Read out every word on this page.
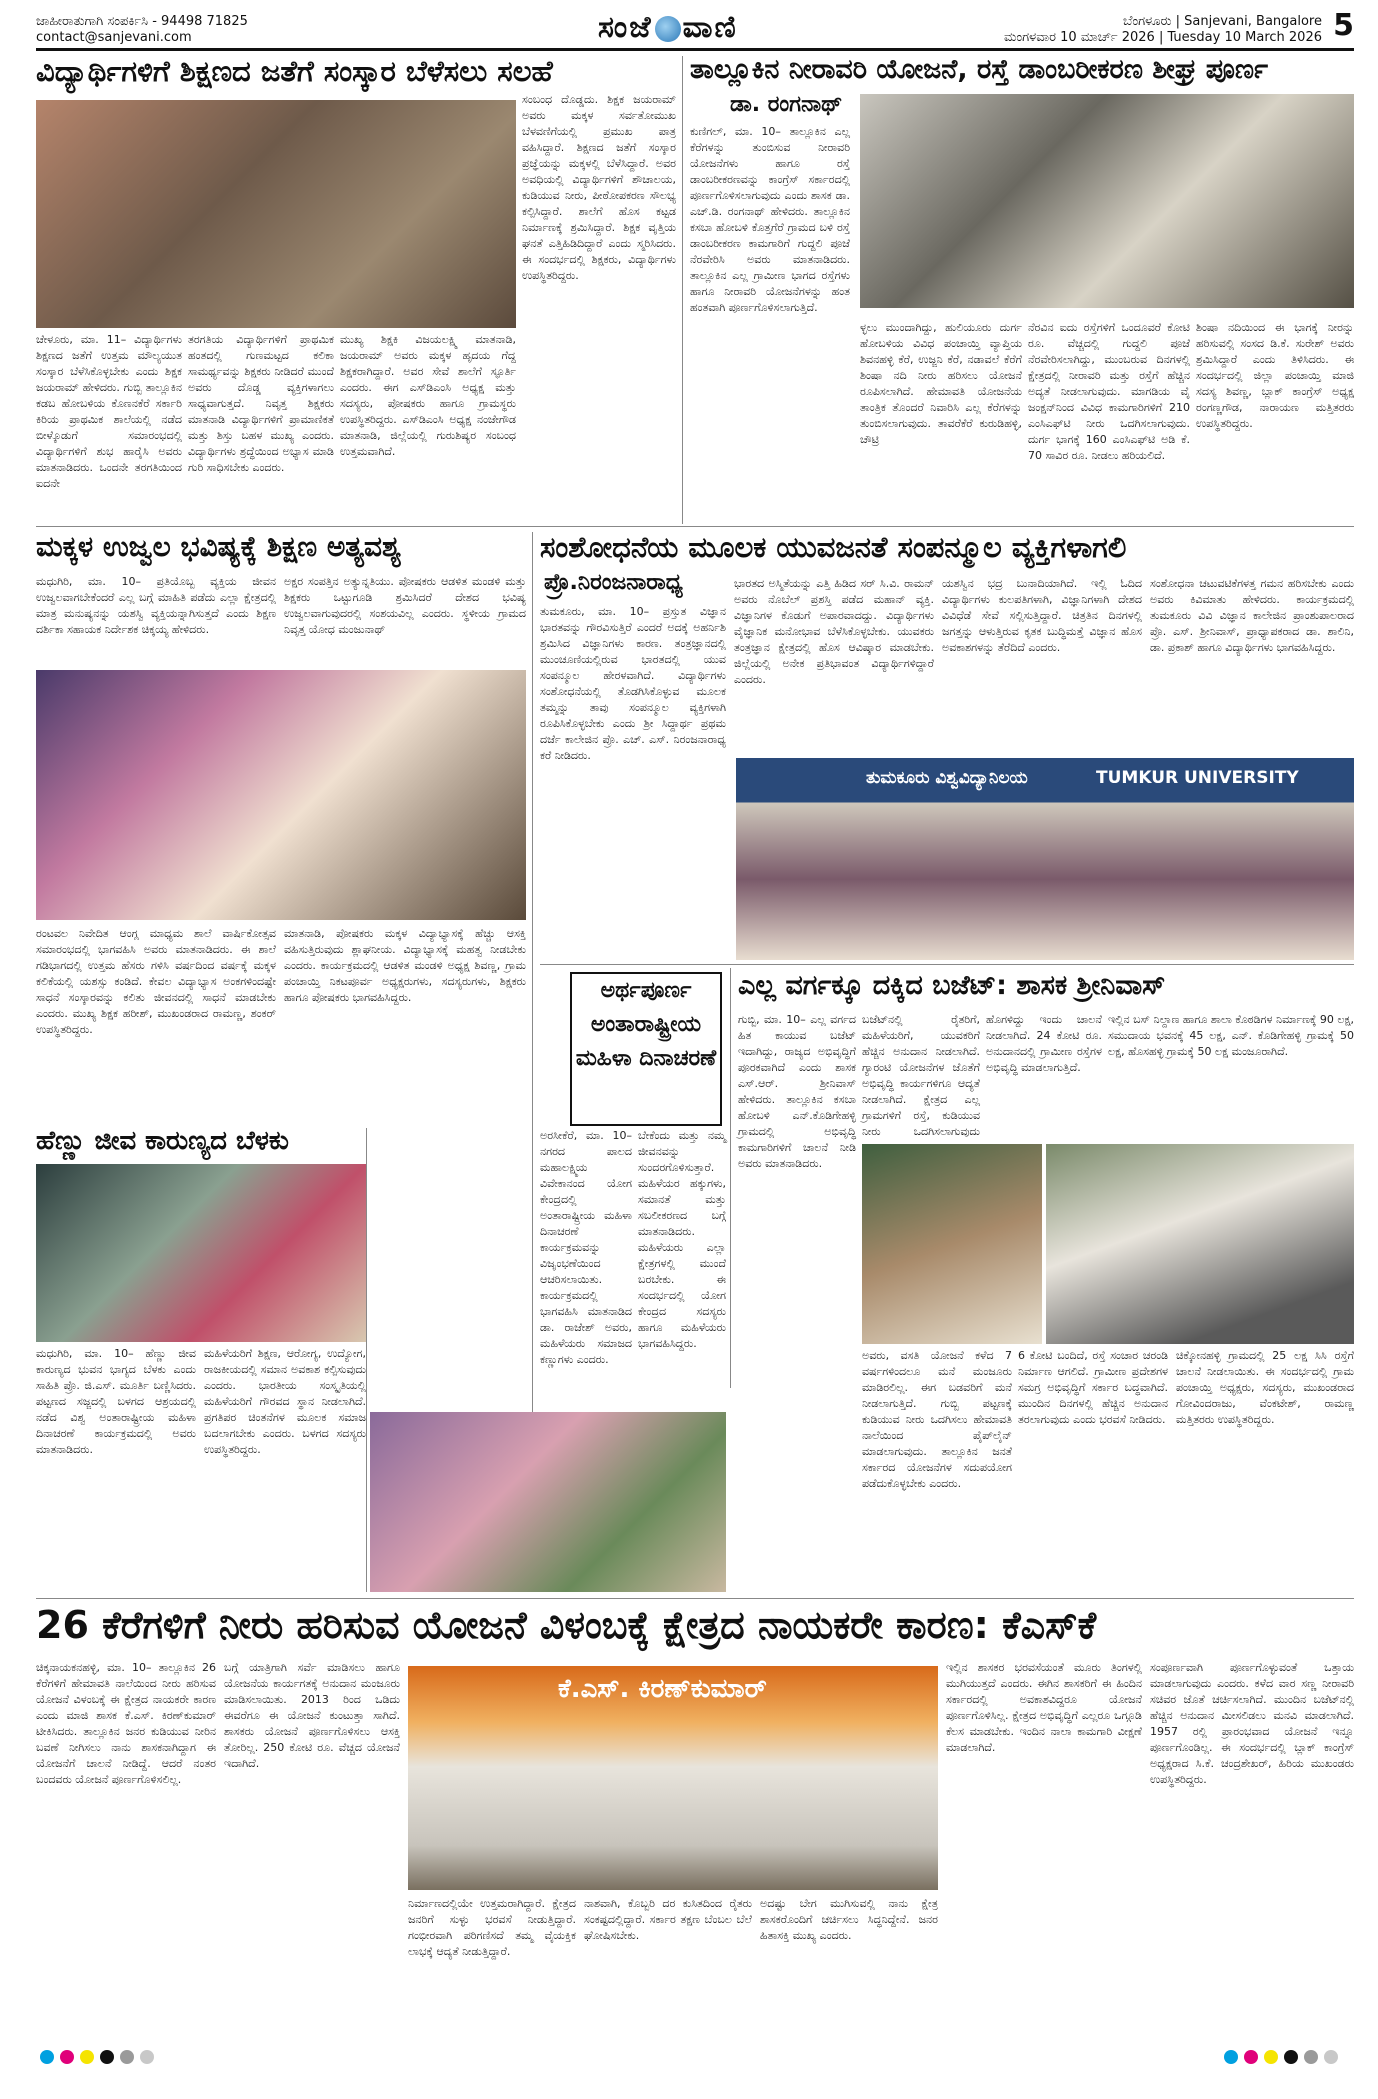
ಜಾಹೀರಾತುಗಾಗಿ ಸಂಪರ್ಕಿಸಿ - 94498 71825
contact@sanjevani.com	ಸಂಜೆ ವಾಣಿ	ಬೆಂಗಳೂರು | Sanjevani, Bangalore
ಮಂಗಳವಾರ 10 ಮಾರ್ಚ್ 2026 | Tuesday 10 March 2026 5
ವಿದ್ಯಾರ್ಥಿಗಳಿಗೆ ಶಿಕ್ಷಣದ ಜತೆಗೆ ಸಂಸ್ಕಾರ ಬೆಳೆಸಲು ಸಲಹೆ
ಸಂಬಂಧ ದೊಡ್ಡದು. ಶಿಕ್ಷಕ ಜಯರಾಮ್ ಅವರು ಮಕ್ಕಳ ಸರ್ವತೋಮುಖ ಬೆಳವಣಿಗೆಯಲ್ಲಿ ಪ್ರಮುಖ ಪಾತ್ರ ವಹಿಸಿದ್ದಾರೆ. ಶಿಕ್ಷಣದ ಜತೆಗೆ ಸಂಸ್ಕಾರ ಪ್ರಜ್ಞೆಯನ್ನು ಮಕ್ಕಳಲ್ಲಿ ಬೆಳೆಸಿದ್ದಾರೆ. ಅವರ ಅವಧಿಯಲ್ಲಿ ವಿದ್ಯಾರ್ಥಿಗಳಿಗೆ ಶೌಚಾಲಯ, ಕುಡಿಯುವ ನೀರು, ಪೀಠೋಪಕರಣ ಸೌಲಭ್ಯ ಕಲ್ಪಿಸಿದ್ದಾರೆ. ಶಾಲೆಗೆ ಹೊಸ ಕಟ್ಟಡ ನಿರ್ಮಾಣಕ್ಕೆ ಶ್ರಮಿಸಿದ್ದಾರೆ. ಶಿಕ್ಷಕ ವೃತ್ತಿಯ ಘನತೆ ಎತ್ತಿಹಿಡಿದಿದ್ದಾರೆ ಎಂದು ಸ್ಮರಿಸಿದರು. ಈ ಸಂದರ್ಭದಲ್ಲಿ ಶಿಕ್ಷಕರು, ವಿದ್ಯಾರ್ಥಿಗಳು ಉಪಸ್ಥಿತರಿದ್ದರು.
ಚೇಳೂರು, ಮಾ. 11– ವಿದ್ಯಾರ್ಥಿಗಳು ಶಿಕ್ಷಣದ ಜತೆಗೆ ಉತ್ತಮ ಮೌಲ್ಯಯುತ ಸಂಸ್ಕಾರ ಬೆಳೆಸಿಕೊಳ್ಳಬೇಕು ಎಂದು ಶಿಕ್ಷಕ ಜಯರಾಮ್ ಹೇಳಿದರು. ಗುಬ್ಬಿ ತಾಲ್ಲೂಕಿನ ಕಡಬ ಹೋಬಳಿಯ ಕೊಣನಕೆರೆ ಸರ್ಕಾರಿ ಕಿರಿಯ ಪ್ರಾಥಮಿಕ ಶಾಲೆಯಲ್ಲಿ ನಡೆದ ಬೀಳ್ಕೊಡುಗೆ ಸಮಾರಂಭದಲ್ಲಿ ವಿದ್ಯಾರ್ಥಿಗಳಿಗೆ ಶುಭ ಹಾರೈಸಿ ಅವರು ಮಾತನಾಡಿದರು. ಒಂದನೇ ತರಗತಿಯಿಂದ ಐದನೇ
ತರಗತಿಯ ವಿದ್ಯಾರ್ಥಿಗಳಿಗೆ ಪ್ರಾಥಮಿಕ ಹಂತದಲ್ಲಿ ಗುಣಮಟ್ಟದ ಕಲಿಕಾ ಸಾಮರ್ಥ್ಯವನ್ನು ಶಿಕ್ಷಕರು ನೀಡಿದರೆ ಮುಂದೆ ಅವರು ದೊಡ್ಡ ವ್ಯಕ್ತಿಗಳಾಗಲು ಸಾಧ್ಯವಾಗುತ್ತದೆ. ನಿವೃತ್ತ ಶಿಕ್ಷಕರು ಮಾತನಾಡಿ ವಿದ್ಯಾರ್ಥಿಗಳಿಗೆ ಪ್ರಾಮಾಣಿಕತೆ ಮತ್ತು ಶಿಸ್ತು ಬಹಳ ಮುಖ್ಯ ಎಂದರು. ವಿದ್ಯಾರ್ಥಿಗಳು ಶ್ರದ್ಧೆಯಿಂದ ಅಭ್ಯಾಸ ಮಾಡಿ ಗುರಿ ಸಾಧಿಸಬೇಕು ಎಂದರು.
ಮುಖ್ಯ ಶಿಕ್ಷಕಿ ವಿಜಯಲಕ್ಷ್ಮಿ ಮಾತನಾಡಿ, ಜಯರಾಮ್ ಅವರು ಮಕ್ಕಳ ಹೃದಯ ಗೆದ್ದ ಶಿಕ್ಷಕರಾಗಿದ್ದಾರೆ. ಅವರ ಸೇವೆ ಶಾಲೆಗೆ ಸ್ಫೂರ್ತಿ ಎಂದರು. ಈಗ ಎಸ್‌ಡಿಎಂಸಿ ಅಧ್ಯಕ್ಷ ಮತ್ತು ಸದಸ್ಯರು, ಪೋಷಕರು ಹಾಗೂ ಗ್ರಾಮಸ್ಥರು ಉಪಸ್ಥಿತರಿದ್ದರು. ಎಸ್‌ಡಿಎಂಸಿ ಅಧ್ಯಕ್ಷ ನಂಜೇಗೌಡ ಮಾತನಾಡಿ, ಜಿಲ್ಲೆಯಲ್ಲಿ ಗುರುಶಿಷ್ಯರ ಸಂಬಂಧ ಉತ್ತಮವಾಗಿದೆ.
ತಾಲ್ಲೂಕಿನ ನೀರಾವರಿ ಯೋಜನೆ, ರಸ್ತೆ ಡಾಂಬರೀಕರಣ ಶೀಘ್ರ ಪೂರ್ಣ
ಡಾ. ರಂಗನಾಥ್
ಕುಣಿಗಲ್, ಮಾ. 10– ತಾಲ್ಲೂಕಿನ ಎಲ್ಲ ಕೆರೆಗಳನ್ನು ತುಂಬಿಸುವ ನೀರಾವರಿ ಯೋಜನೆಗಳು ಹಾಗೂ ರಸ್ತೆ ಡಾಂಬರೀಕರಣವನ್ನು ಕಾಂಗ್ರೆಸ್ ಸರ್ಕಾರದಲ್ಲಿ ಪೂರ್ಣಗೊಳಿಸಲಾಗುವುದು ಎಂದು ಶಾಸಕ ಡಾ. ಎಚ್.ಡಿ. ರಂಗನಾಥ್ ಹೇಳಿದರು. ತಾಲ್ಲೂಕಿನ ಕಸಬಾ ಹೋಬಳಿ ಕೊತ್ತಗೆರೆ ಗ್ರಾಮದ ಬಳಿ ರಸ್ತೆ ಡಾಂಬರೀಕರಣ ಕಾಮಗಾರಿಗೆ ಗುದ್ದಲಿ ಪೂಜೆ ನೆರವೇರಿಸಿ ಅವರು ಮಾತನಾಡಿದರು. ತಾಲ್ಲೂಕಿನ ಎಲ್ಲ ಗ್ರಾಮೀಣ ಭಾಗದ ರಸ್ತೆಗಳು ಹಾಗೂ ನೀರಾವರಿ ಯೋಜನೆಗಳನ್ನು ಹಂತ ಹಂತವಾಗಿ ಪೂರ್ಣಗೊಳಿಸಲಾಗುತ್ತಿದೆ.
ಳ್ಳಲು ಮುಂದಾಗಿದ್ದು, ಹುಲಿಯೂರು ದುರ್ಗ ಹೋಬಳಿಯ ವಿವಿಧ ಪಂಚಾಯ್ತಿ ವ್ಯಾಪ್ತಿಯ ಶಿವನಹಳ್ಳಿ ಕೆರೆ, ಉಜ್ಜನಿ ಕೆರೆ, ನಡಾವಲೆ ಕೆರೆಗೆ ಶಿಂಷಾ ನದಿ ನೀರು ಹರಿಸಲು ಯೋಜನೆ ರೂಪಿಸಲಾಗಿದೆ. ಹೇಮಾವತಿ ಯೋಜನೆಯ ತಾಂತ್ರಿಕ ತೊಂದರೆ ನಿವಾರಿಸಿ ಎಲ್ಲ ಕೆರೆಗಳನ್ನು ತುಂಬಿಸಲಾಗುವುದು. ತಾವರೆಕೆರೆ ಕುರುಡಿಹಳ್ಳಿ, ಚೌಟ್ರಿ
ನೆರವಿನ ಐದು ರಸ್ತೆಗಳಿಗೆ ಒಂದೂವರೆ ಕೋಟಿ ರೂ. ವೆಚ್ಚದಲ್ಲಿ ಗುದ್ದಲಿ ಪೂಜೆ ನೆರವೇರಿಸಲಾಗಿದ್ದು, ಮುಂಬರುವ ದಿನಗಳಲ್ಲಿ ಕ್ಷೇತ್ರದಲ್ಲಿ ನೀರಾವರಿ ಮತ್ತು ರಸ್ತೆಗೆ ಹೆಚ್ಚಿನ ಅದ್ಯತೆ ನೀಡಲಾಗುವುದು. ಮಾಗಡಿಯ ವೈ ಜಂಕ್ಷನ್‌ನಿಂದ ವಿವಿಧ ಕಾಮಗಾರಿಗಳಿಗೆ 210 ಎಂಸಿಎಫ್‌ಟಿ ನೀರು ಒದಗಿಸಲಾಗುವುದು. ದುರ್ಗ ಭಾಗಕ್ಕೆ 160 ಎಂಸಿಎಫ್‌ಟಿ ಅಡಿ ಕೆ. 70 ಸಾವಿರ ರೂ. ನೀಡಲು ಹರಿಯಲಿದೆ.
ಶಿಂಷಾ ನದಿಯಿಂದ ಈ ಭಾಗಕ್ಕೆ ನೀರನ್ನು ಹರಿಸುವಲ್ಲಿ ಸಂಸದ ಡಿ.ಕೆ. ಸುರೇಶ್ ಅವರು ಶ್ರಮಿಸಿದ್ದಾರೆ ಎಂದು ತಿಳಿಸಿದರು. ಈ ಸಂದರ್ಭದಲ್ಲಿ ಜಿಲ್ಲಾ ಪಂಚಾಯ್ತಿ ಮಾಜಿ ಸದಸ್ಯ ಶಿವಣ್ಣ, ಬ್ಲಾಕ್ ಕಾಂಗ್ರೆಸ್ ಅಧ್ಯಕ್ಷ ರಂಗಣ್ಣಗೌಡ, ನಾರಾಯಣ ಮತ್ತಿತರರು ಉಪಸ್ಥಿತರಿದ್ದರು.
ಮಕ್ಕಳ ಉಜ್ವಲ ಭವಿಷ್ಯಕ್ಕೆ ಶಿಕ್ಷಣ ಅತ್ಯವಶ್ಯ
ಮಧುಗಿರಿ, ಮಾ. 10– ಪ್ರತಿಯೊಬ್ಬ ವ್ಯಕ್ತಿಯ ಜೀವನ ಉಜ್ವಲವಾಗಬೇಕೆಂದರೆ ಎಲ್ಲ ಬಗ್ಗೆ ಮಾಹಿತಿ ಪಡೆದು ಎಲ್ಲಾ ಕ್ಷೇತ್ರದಲ್ಲಿ ಮಾತ್ರ ಮನುಷ್ಯನನ್ನು ಯಶಸ್ವಿ ವ್ಯಕ್ತಿಯನ್ನಾಗಿಸುತ್ತದೆ ಎಂದು ಶಿಕ್ಷಣ ದರ್ಶಿಕಾ ಸಹಾಯಕ ನಿರ್ದೇಶಕ ಚಿಕ್ಕಯ್ಯ ಹೇಳಿದರು.
ಅಕ್ಷರ ಸಂಪತ್ತಿನ ಅತ್ಯುನ್ನತಿಯು. ಪೋಷಕರು ಆಡಳಿತ ಮಂಡಳಿ ಮತ್ತು ಶಿಕ್ಷಕರು ಒಟ್ಟುಗೂಡಿ ಶ್ರಮಿಸಿದರೆ ದೇಶದ ಭವಿಷ್ಯ ಉಜ್ವಲವಾಗುವುದರಲ್ಲಿ ಸಂಶಯವಿಲ್ಲ ಎಂದರು. ಸ್ಥಳೀಯ ಗ್ರಾಮದ ನಿವೃತ್ತ ಯೋಧ ಮಂಜುನಾಥ್
ರಂಟವಲ ನಿವೇದಿತ ಆಂಗ್ಲ ಮಾಧ್ಯಮ ಶಾಲೆ ವಾರ್ಷಿಕೋತ್ಸವ ಸಮಾರಂಭದಲ್ಲಿ ಭಾಗವಹಿಸಿ ಅವರು ಮಾತನಾಡಿದರು. ಈ ಶಾಲೆ ಗಡಿಭಾಗದಲ್ಲಿ ಉತ್ತಮ ಹೆಸರು ಗಳಿಸಿ ವರ್ಷದಿಂದ ವರ್ಷಕ್ಕೆ ಮಕ್ಕಳ ಕಲಿಕೆಯಲ್ಲಿ ಯಶಸ್ಸು ಕಂಡಿದೆ. ಕೇವಲ ವಿದ್ಯಾಭ್ಯಾಸ ಅಂಕಗಳಿಂದಷ್ಟೇ ಸಾಧನೆ ಸಂಸ್ಕಾರವನ್ನು ಕಲಿತು ಜೀವನದಲ್ಲಿ ಸಾಧನೆ ಮಾಡಬೇಕು ಎಂದರು. ಮುಖ್ಯ ಶಿಕ್ಷಕ ಹರೀಶ್, ಮುಖಂಡರಾದ ರಾಮಣ್ಣ, ಶಂಕರ್ ಉಪಸ್ಥಿತರಿದ್ದರು.
ಮಾತನಾಡಿ, ಪೋಷಕರು ಮಕ್ಕಳ ವಿದ್ಯಾಭ್ಯಾಸಕ್ಕೆ ಹೆಚ್ಚು ಆಸಕ್ತಿ ವಹಿಸುತ್ತಿರುವುದು ಶ್ಲಾಘನೀಯ. ವಿದ್ಯಾಭ್ಯಾಸಕ್ಕೆ ಮಹತ್ವ ನೀಡಬೇಕು ಎಂದರು. ಕಾರ್ಯಕ್ರಮದಲ್ಲಿ ಆಡಳಿತ ಮಂಡಳಿ ಅಧ್ಯಕ್ಷ ಶಿವಣ್ಣ, ಗ್ರಾಮ ಪಂಚಾಯ್ತಿ ನಿಕಟಪೂರ್ವ ಅಧ್ಯಕ್ಷರುಗಳು, ಸದಸ್ಯರುಗಳು, ಶಿಕ್ಷಕರು ಹಾಗೂ ಪೋಷಕರು ಭಾಗವಹಿಸಿದ್ದರು.
ಸಂಶೋಧನೆಯ ಮೂಲಕ ಯುವಜನತೆ ಸಂಪನ್ಮೂಲ ವ್ಯಕ್ತಿಗಳಾಗಲಿ
ಪ್ರೊ.ನಿರಂಜನಾರಾಧ್ಯ
ತುಮಕೂರು, ಮಾ. 10– ಪ್ರಸ್ತುತ ವಿಜ್ಞಾನ ಭಾರತವನ್ನು ಗೌರವಿಸುತ್ತಿರೆ ಎಂದರೆ ಅದಕ್ಕೆ ಅಹರ್ನಿಶಿ ಶ್ರಮಿಸಿದ ವಿಜ್ಞಾನಿಗಳು ಕಾರಣ. ತಂತ್ರಜ್ಞಾನದಲ್ಲಿ ಮುಂಚೂಣಿಯಲ್ಲಿರುವ ಭಾರತದಲ್ಲಿ ಯುವ ಸಂಪನ್ಮೂಲ ಹೇರಳವಾಗಿದೆ. ವಿದ್ಯಾರ್ಥಿಗಳು ಸಂಶೋಧನೆಯಲ್ಲಿ ತೊಡಗಿಸಿಕೊಳ್ಳುವ ಮೂಲಕ ತಮ್ಮನ್ನು ತಾವು ಸಂಪನ್ಮೂಲ ವ್ಯಕ್ತಿಗಳಾಗಿ ರೂಪಿಸಿಕೊಳ್ಳಬೇಕು ಎಂದು ಶ್ರೀ ಸಿದ್ದಾರ್ಥ ಪ್ರಥಮ ದರ್ಜೆ ಕಾಲೇಜಿನ ಪ್ರೊ. ಎಚ್. ಎಸ್. ನಿರಂಜನಾರಾಧ್ಯ ಕರೆ ನೀಡಿದರು.
ಭಾರತದ ಅಸ್ಮಿತೆಯನ್ನು ಎತ್ತಿ ಹಿಡಿದ ಸರ್ ಸಿ.ವಿ. ರಾಮನ್ ಅವರು ನೊಬೆಲ್ ಪ್ರಶಸ್ತಿ ಪಡೆದ ಮಹಾನ್ ವ್ಯಕ್ತಿ. ವಿಜ್ಞಾನಿಗಳ ಕೊಡುಗೆ ಅಪಾರವಾದದ್ದು. ವಿದ್ಯಾರ್ಥಿಗಳು ವೈಜ್ಞಾನಿಕ ಮನೋಭಾವ ಬೆಳೆಸಿಕೊಳ್ಳಬೇಕು. ಯುವಕರು ತಂತ್ರಜ್ಞಾನ ಕ್ಷೇತ್ರದಲ್ಲಿ ಹೊಸ ಆವಿಷ್ಕಾರ ಮಾಡಬೇಕು. ಜಿಲ್ಲೆಯಲ್ಲಿ ಅನೇಕ ಪ್ರತಿಭಾವಂತ ವಿದ್ಯಾರ್ಥಿಗಳಿದ್ದಾರೆ ಎಂದರು.
ಯಶಸ್ವಿನ ಭದ್ರ ಬುನಾದಿಯಾಗಿದೆ. ಇಲ್ಲಿ ಓದಿದ ವಿದ್ಯಾರ್ಥಿಗಳು ಕುಲಪತಿಗಳಾಗಿ, ವಿಜ್ಞಾನಿಗಳಾಗಿ ದೇಶದ ವಿವಿಧೆಡೆ ಸೇವೆ ಸಲ್ಲಿಸುತ್ತಿದ್ದಾರೆ. ಚಿತ್ರತಿನ ದಿನಗಳಲ್ಲಿ ಜಗತ್ತನ್ನು ಆಳುತ್ತಿರುವ ಕೃತಕ ಬುದ್ಧಿಮತ್ತೆ ವಿಜ್ಞಾನ ಹೊಸ ಅವಕಾಶಗಳನ್ನು ತೆರೆದಿದೆ ಎಂದರು.
ಸಂಶೋಧನಾ ಚಟುವಟಿಕೆಗಳತ್ತ ಗಮನ ಹರಿಸಬೇಕು ಎಂದು ಅವರು ಕಿವಿಮಾತು ಹೇಳಿದರು. ಕಾರ್ಯಕ್ರಮದಲ್ಲಿ ತುಮಕೂರು ವಿವಿ ವಿಜ್ಞಾನ ಕಾಲೇಜಿನ ಪ್ರಾಂಶುಪಾಲರಾದ ಪ್ರೊ. ಎಸ್. ಶ್ರೀನಿವಾಸ್, ಪ್ರಾಧ್ಯಾಪಕರಾದ ಡಾ. ಶಾಲಿನಿ, ಡಾ. ಪ್ರಕಾಶ್ ಹಾಗೂ ವಿದ್ಯಾರ್ಥಿಗಳು ಭಾಗವಹಿಸಿದ್ದರು.
ತುಮಕೂರು ವಿಶ್ವವಿದ್ಯಾನಿಲಯ	TUMKUR UNIVERSITY
ಅರ್ಥಪೂರ್ಣ ಅಂತಾರಾಷ್ಟ್ರೀಯ ಮಹಿಳಾ ದಿನಾಚರಣೆ
ಎಲ್ಲ ವರ್ಗಕ್ಕೂ ದಕ್ಕಿದ ಬಜೆಟ್: ಶಾಸಕ ಶ್ರೀನಿವಾಸ್
ಗುಬ್ಬಿ, ಮಾ. 10– ಎಲ್ಲ ವರ್ಗದ ಹಿತ ಕಾಯುವ ಬಜೆಟ್ ಇದಾಗಿದ್ದು, ರಾಜ್ಯದ ಅಭಿವೃದ್ಧಿಗೆ ಪೂರಕವಾಗಿದೆ ಎಂದು ಶಾಸಕ ಎಸ್.ಆರ್. ಶ್ರೀನಿವಾಸ್ ಹೇಳಿದರು. ತಾಲ್ಲೂಕಿನ ಕಸಬಾ ಹೋಬಳಿ ಎನ್.ಕೊಡಿಗೇಹಳ್ಳಿ ಗ್ರಾಮದಲ್ಲಿ ಅಭಿವೃದ್ಧಿ ಕಾಮಗಾರಿಗಳಿಗೆ ಚಾಲನೆ ನೀಡಿ ಅವರು ಮಾತನಾಡಿದರು.
ಬಜೆಟ್‌ನಲ್ಲಿ ರೈತರಿಗೆ, ಮಹಿಳೆಯರಿಗೆ, ಯುವಕರಿಗೆ ಹೆಚ್ಚಿನ ಅನುದಾನ ನೀಡಲಾಗಿದೆ. ಗ್ಯಾರಂಟಿ ಯೋಜನೆಗಳ ಜೊತೆಗೆ ಅಭಿವೃದ್ಧಿ ಕಾರ್ಯಗಳಿಗೂ ಆದ್ಯತೆ ನೀಡಲಾಗಿದೆ. ಕ್ಷೇತ್ರದ ಎಲ್ಲ ಗ್ರಾಮಗಳಿಗೆ ರಸ್ತೆ, ಕುಡಿಯುವ ನೀರು ಒದಗಿಸಲಾಗುವುದು
ಹೊಗಳಿದ್ದು ಇಂದು ಚಾಲನೆ ನೀಡಲಾಗಿದೆ. 24 ಕೋಟಿ ರೂ. ಅನುದಾನದಲ್ಲಿ ಗ್ರಾಮೀಣ ರಸ್ತೆಗಳ ಅಭಿವೃದ್ಧಿ ಮಾಡಲಾಗುತ್ತಿದೆ.
ಇಲ್ಲಿನ ಬಸ್ ನಿಲ್ದಾಣ ಹಾಗೂ ಶಾಲಾ ಕೊಠಡಿಗಳ ನಿರ್ಮಾಣಕ್ಕೆ 90 ಲಕ್ಷ, ಸಮುದಾಯ ಭವನಕ್ಕೆ 45 ಲಕ್ಷ, ಎನ್. ಕೊಡಿಗೇಹಳ್ಳಿ ಗ್ರಾಮಕ್ಕೆ 50 ಲಕ್ಷ, ಹೊಸಹಳ್ಳಿ ಗ್ರಾಮಕ್ಕೆ 50 ಲಕ್ಷ ಮಂಜೂರಾಗಿದೆ.
ಅವರು, ವಸತಿ ಯೋಜನೆ ಕಳೆದ 7 ವರ್ಷಗಳಿಂದಲೂ ಮನೆ ಮಂಜೂರು ಮಾಡಿರಲಿಲ್ಲ. ಈಗ ಬಡವರಿಗೆ ಮನೆ ನೀಡಲಾಗುತ್ತಿದೆ. ಗುಬ್ಬಿ ಪಟ್ಟಣಕ್ಕೆ ಕುಡಿಯುವ ನೀರು ಒದಗಿಸಲು ಹೇಮಾವತಿ ನಾಲೆಯಿಂದ ಪೈಪ್‌ಲೈನ್ ಮಾಡಲಾಗುವುದು. ತಾಲ್ಲೂಕಿನ ಜನತೆ ಸರ್ಕಾರದ ಯೋಜನೆಗಳ ಸದುಪಯೋಗ ಪಡೆದುಕೊಳ್ಳಬೇಕು ಎಂದರು.
6 ಕೋಟಿ ಬಂದಿದೆ, ರಸ್ತೆ ಸಂಚಾರ ಚರಂಡಿ ನಿರ್ಮಾಣ ಆಗಲಿದೆ. ಗ್ರಾಮೀಣ ಪ್ರದೇಶಗಳ ಸಮಗ್ರ ಅಭಿವೃದ್ಧಿಗೆ ಸರ್ಕಾರ ಬದ್ಧವಾಗಿದೆ. ಮುಂದಿನ ದಿನಗಳಲ್ಲಿ ಹೆಚ್ಚಿನ ಅನುದಾನ ತರಲಾಗುವುದು ಎಂದು ಭರವಸೆ ನೀಡಿದರು.
ಚಿಕ್ಕೋನಹಳ್ಳಿ ಗ್ರಾಮದಲ್ಲಿ 25 ಲಕ್ಷ ಸಿಸಿ ರಸ್ತೆಗೆ ಚಾಲನೆ ನೀಡಲಾಯಿತು. ಈ ಸಂದರ್ಭದಲ್ಲಿ ಗ್ರಾಮ ಪಂಚಾಯ್ತಿ ಅಧ್ಯಕ್ಷರು, ಸದಸ್ಯರು, ಮುಖಂಡರಾದ ಗೋವಿಂದರಾಜು, ವೆಂಕಟೇಶ್, ರಾಮಣ್ಣ ಮತ್ತಿತರರು ಉಪಸ್ಥಿತರಿದ್ದರು.
ಅರಸೀಕೆರೆ, ಮಾ. 10– ನಗರದ ಪಾಲದ ಮಹಾಲಕ್ಷ್ಮಿಯ ವಿವೇಕಾನಂದ ಯೋಗ ಕೇಂದ್ರದಲ್ಲಿ ಅಂತಾರಾಷ್ಟ್ರೀಯ ಮಹಿಳಾ ದಿನಾಚರಣೆ ಕಾರ್ಯಕ್ರಮವನ್ನು ವಿಜೃಂಭಣೆಯಿಂದ ಆಚರಿಸಲಾಯಿತು. ಕಾರ್ಯಕ್ರಮದಲ್ಲಿ ಭಾಗವಹಿಸಿ ಮಾತನಾಡಿದ ಡಾ. ರಾಜೇಶ್ ಅವರು, ಮಹಿಳೆಯರು ಸಮಾಜದ ಕಣ್ಣುಗಳು ಎಂದರು.
ಬೇಕೆಂದು ಮತ್ತು ನಮ್ಮ ಜೀವನವನ್ನು ಸುಂದರಗೊಳಿಸುತ್ತಾರೆ. ಮಹಿಳೆಯರ ಹಕ್ಕುಗಳು, ಸಮಾನತೆ ಮತ್ತು ಸಬಲೀಕರಣದ ಬಗ್ಗೆ ಮಾತನಾಡಿದರು. ಮಹಿಳೆಯರು ಎಲ್ಲಾ ಕ್ಷೇತ್ರಗಳಲ್ಲಿ ಮುಂದೆ ಬರಬೇಕು. ಈ ಸಂದರ್ಭದಲ್ಲಿ ಯೋಗ ಕೇಂದ್ರದ ಸದಸ್ಯರು ಹಾಗೂ ಮಹಿಳೆಯರು ಭಾಗವಹಿಸಿದ್ದರು.
ಹೆಣ್ಣು ಜೀವ ಕಾರುಣ್ಯದ ಬೆಳಕು
ಮಧುಗಿರಿ, ಮಾ. 10– ಹೆಣ್ಣು ಜೀವ ಕಾರುಣ್ಯದ ಭುವನ ಭಾಗ್ಯದ ಬೆಳಕು ಎಂದು ಸಾಹಿತಿ ಪ್ರೊ. ಜಿ.ಎಸ್. ಮೂರ್ತಿ ಬಣ್ಣಿಸಿದರು. ಪಟ್ಟಣದ ಸಜ್ಜದಲ್ಲಿ ಬಳಗದ ಆಶ್ರಯದಲ್ಲಿ ನಡೆದ ವಿಶ್ವ ಅಂತಾರಾಷ್ಟ್ರೀಯ ಮಹಿಳಾ ದಿನಾಚರಣೆ ಕಾರ್ಯಕ್ರಮದಲ್ಲಿ ಅವರು ಮಾತನಾಡಿದರು.
ಮಹಿಳೆಯರಿಗೆ ಶಿಕ್ಷಣ, ಆರೋಗ್ಯ, ಉದ್ಯೋಗ, ರಾಜಕೀಯದಲ್ಲಿ ಸಮಾನ ಅವಕಾಶ ಕಲ್ಪಿಸುವುದು ಎಂದರು. ಭಾರತೀಯ ಸಂಸ್ಕೃತಿಯಲ್ಲಿ ಮಹಿಳೆಯರಿಗೆ ಗೌರವದ ಸ್ಥಾನ ನೀಡಲಾಗಿದೆ. ಪ್ರಗತಿಪರ ಚಿಂತನೆಗಳ ಮೂಲಕ ಸಮಾಜ ಬದಲಾಗಬೇಕು ಎಂದರು. ಬಳಗದ ಸದಸ್ಯರು ಉಪಸ್ಥಿತರಿದ್ದರು.
26 ಕೆರೆಗಳಿಗೆ ನೀರು ಹರಿಸುವ ಯೋಜನೆ ವಿಳಂಬಕ್ಕೆ ಕ್ಷೇತ್ರದ ನಾಯಕರೇ ಕಾರಣ: ಕೆಎಸ್‌ಕೆ
ಚಿಕ್ಕನಾಯಕನಹಳ್ಳಿ, ಮಾ. 10– ತಾಲ್ಲೂಕಿನ 26 ಕೆರೆಗಳಿಗೆ ಹೇಮಾವತಿ ನಾಲೆಯಿಂದ ನೀರು ಹರಿಸುವ ಯೋಜನೆ ವಿಳಂಬಕ್ಕೆ ಈ ಕ್ಷೇತ್ರದ ನಾಯಕರೇ ಕಾರಣ ಎಂದು ಮಾಜಿ ಶಾಸಕ ಕೆ.ಎಸ್. ಕಿರಣ್‌ಕುಮಾರ್ ಟೀಕಿಸಿದರು. ತಾಲ್ಲೂಕಿನ ಜನರ ಕುಡಿಯುವ ನೀರಿನ ಬವಣೆ ನೀಗಿಸಲು ನಾನು ಶಾಸಕನಾಗಿದ್ದಾಗ ಈ ಯೋಜನೆಗೆ ಚಾಲನೆ ನೀಡಿದ್ದೆ. ಆದರೆ ನಂತರ ಬಂದವರು ಯೋಜನೆ ಪೂರ್ಣಗೊಳಿಸಲಿಲ್ಲ.
ಬಗ್ಗೆ ಯಾತ್ರಿಗಾಗಿ ಸರ್ವೆ ಮಾಡಿಸಲು ಹಾಗೂ ಯೋಜನೆಯ ಕಾರ್ಯಗತಕ್ಕೆ ಅನುದಾನ ಮಂಜೂರು ಮಾಡಿಸಲಾಯಿತು. 2013 ರಿಂದ ಒಡಿದು ಈವರೆಗೂ ಈ ಯೋಜನೆ ಕುಂಟುತ್ತಾ ಸಾಗಿದೆ. ಶಾಸಕರು ಯೋಜನೆ ಪೂರ್ಣಗೊಳಿಸಲು ಆಸಕ್ತಿ ತೋರಿಲ್ಲ. 250 ಕೋಟಿ ರೂ. ವೆಚ್ಚದ ಯೋಜನೆ ಇದಾಗಿದೆ.
ಕೆ.ಎಸ್. ಕಿರಣ್‌ಕುಮಾರ್
ನಿರ್ಮಾಣದಲ್ಲಿಯೇ ಉತ್ತಮರಾಗಿದ್ದಾರೆ. ಕ್ಷೇತ್ರದ ಜನರಿಗೆ ಸುಳ್ಳು ಭರವಸೆ ನೀಡುತ್ತಿದ್ದಾರೆ. ಗಂಭೀರವಾಗಿ ಪರಿಗಣಿಸದೆ ತಮ್ಮ ವೈಯಕ್ತಿಕ ಲಾಭಕ್ಕೆ ಆದ್ಯತೆ ನೀಡುತ್ತಿದ್ದಾರೆ.
ನಾಶವಾಗಿ, ಕೊಬ್ಬರಿ ದರ ಕುಸಿತದಿಂದ ರೈತರು ಸಂಕಷ್ಟದಲ್ಲಿದ್ದಾರೆ. ಸರ್ಕಾರ ತಕ್ಷಣ ಬೆಂಬಲ ಬೆಲೆ ಘೋಷಿಸಬೇಕು.
ಅದಷ್ಟು ಬೇಗ ಮುಗಿಸುವಲ್ಲಿ ನಾನು ಕ್ಷೇತ್ರ ಶಾಸಕರೊಂದಿಗೆ ಚರ್ಚಿಸಲು ಸಿದ್ಧನಿದ್ದೇನೆ. ಜನರ ಹಿತಾಸಕ್ತಿ ಮುಖ್ಯ ಎಂದರು.
ಇಲ್ಲಿನ ಶಾಸಕರ ಭರವಸೆಯಂತೆ ಮೂರು ತಿಂಗಳಲ್ಲಿ ಮುಗಿಯುತ್ತದೆ ಎಂದರು. ಈಗಿನ ಶಾಸಕರಿಗೆ ಈ ಹಿಂದಿನ ಸರ್ಕಾರದಲ್ಲಿ ಅವಕಾಶವಿದ್ದರೂ ಯೋಜನೆ ಪೂರ್ಣಗೊಳಿಸಿಲ್ಲ. ಕ್ಷೇತ್ರದ ಅಭಿವೃದ್ಧಿಗೆ ಎಲ್ಲರೂ ಒಗ್ಗೂಡಿ ಕೆಲಸ ಮಾಡಬೇಕು. ಇಂದಿನ ನಾಲಾ ಕಾಮಗಾರಿ ವೀಕ್ಷಣೆ ಮಾಡಲಾಗಿದೆ.
ಸಂಪೂರ್ಣವಾಗಿ ಪೂರ್ಣಗೊಳ್ಳುವಂತೆ ಒತ್ತಾಯ ಮಾಡಲಾಗುವುದು ಎಂದರು. ಕಳೆದ ವಾರ ಸಣ್ಣ ನೀರಾವರಿ ಸಚಿವರ ಜೊತೆ ಚರ್ಚಿಸಲಾಗಿದೆ. ಮುಂದಿನ ಬಜೆಟ್‌ನಲ್ಲಿ ಹೆಚ್ಚಿನ ಅನುದಾನ ಮೀಸಲಿಡಲು ಮನವಿ ಮಾಡಲಾಗಿದೆ. 1957 ರಲ್ಲಿ ಪ್ರಾರಂಭವಾದ ಯೋಜನೆ ಇನ್ನೂ ಪೂರ್ಣಗೊಂಡಿಲ್ಲ. ಈ ಸಂದರ್ಭದಲ್ಲಿ ಬ್ಲಾಕ್ ಕಾಂಗ್ರೆಸ್ ಅಧ್ಯಕ್ಷರಾದ ಸಿ.ಕೆ. ಚಂದ್ರಶೇಖರ್, ಹಿರಿಯ ಮುಖಂಡರು ಉಪಸ್ಥಿತರಿದ್ದರು.
